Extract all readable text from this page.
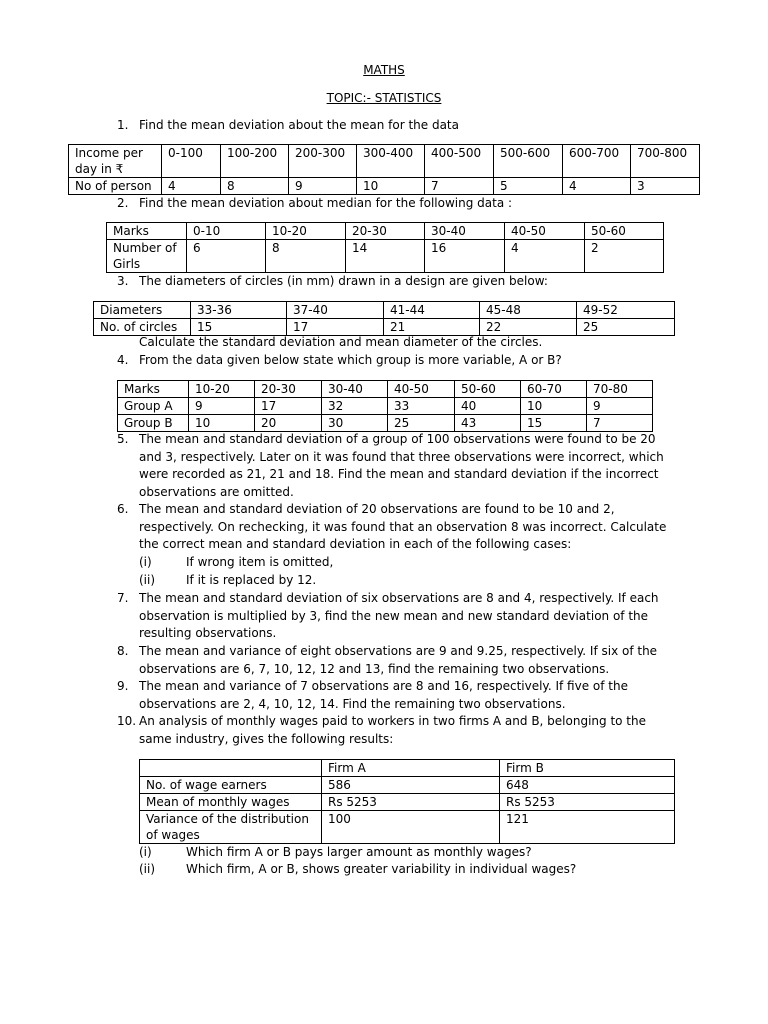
MATHS
TOPIC:- STATISTICS
1. Find the mean deviation about the mean for the data
Income per day in ₹	0-100	100-200	200-300	300-400	400-500	500-600	600-700	700-800
No of person	4	8	9	10	7	5	4	3
2. Find the mean deviation about median for the following data :
Marks	0-10	10-20	20-30	30-40	40-50	50-60
Number of Girls	6	8	14	16	4	2
3. The diameters of circles (in mm) drawn in a design are given below:
Diameters	33-36	37-40	41-44	45-48	49-52
No. of circles	15	17	21	22	25
Calculate the standard deviation and mean diameter of the circles.
4. From the data given below state which group is more variable, A or B?
Marks	10-20	20-30	30-40	40-50	50-60	60-70	70-80
Group A	9	17	32	33	40	10	9
Group B	10	20	30	25	43	15	7
5. The mean and standard deviation of a group of 100 observations were found to be 20 and 3, respectively. Later on it was found that three observations were incorrect, which were recorded as 21, 21 and 18. Find the mean and standard deviation if the incorrect observations are omitted.
6. The mean and standard deviation of 20 observations are found to be 10 and 2, respectively. On rechecking, it was found that an observation 8 was incorrect. Calculate the correct mean and standard deviation in each of the following cases:
(i)	If wrong item is omitted,
(ii)	If it is replaced by 12.
7. The mean and standard deviation of six observations are 8 and 4, respectively. If each observation is multiplied by 3, find the new mean and new standard deviation of the resulting observations.
8. The mean and variance of eight observations are 9 and 9.25, respectively. If six of the observations are 6, 7, 10, 12, 12 and 13, find the remaining two observations.
9. The mean and variance of 7 observations are 8 and 16, respectively. If five of the observations are 2, 4, 10, 12, 14. Find the remaining two observations.
10. An analysis of monthly wages paid to workers in two firms A and B, belonging to the same industry, gives the following results:
	Firm A	Firm B
No. of wage earners	586	648
Mean of monthly wages	Rs 5253	Rs 5253
Variance of the distribution of wages	100	121
(i)	Which firm A or B pays larger amount as monthly wages?
(ii)	Which firm, A or B, shows greater variability in individual wages?
